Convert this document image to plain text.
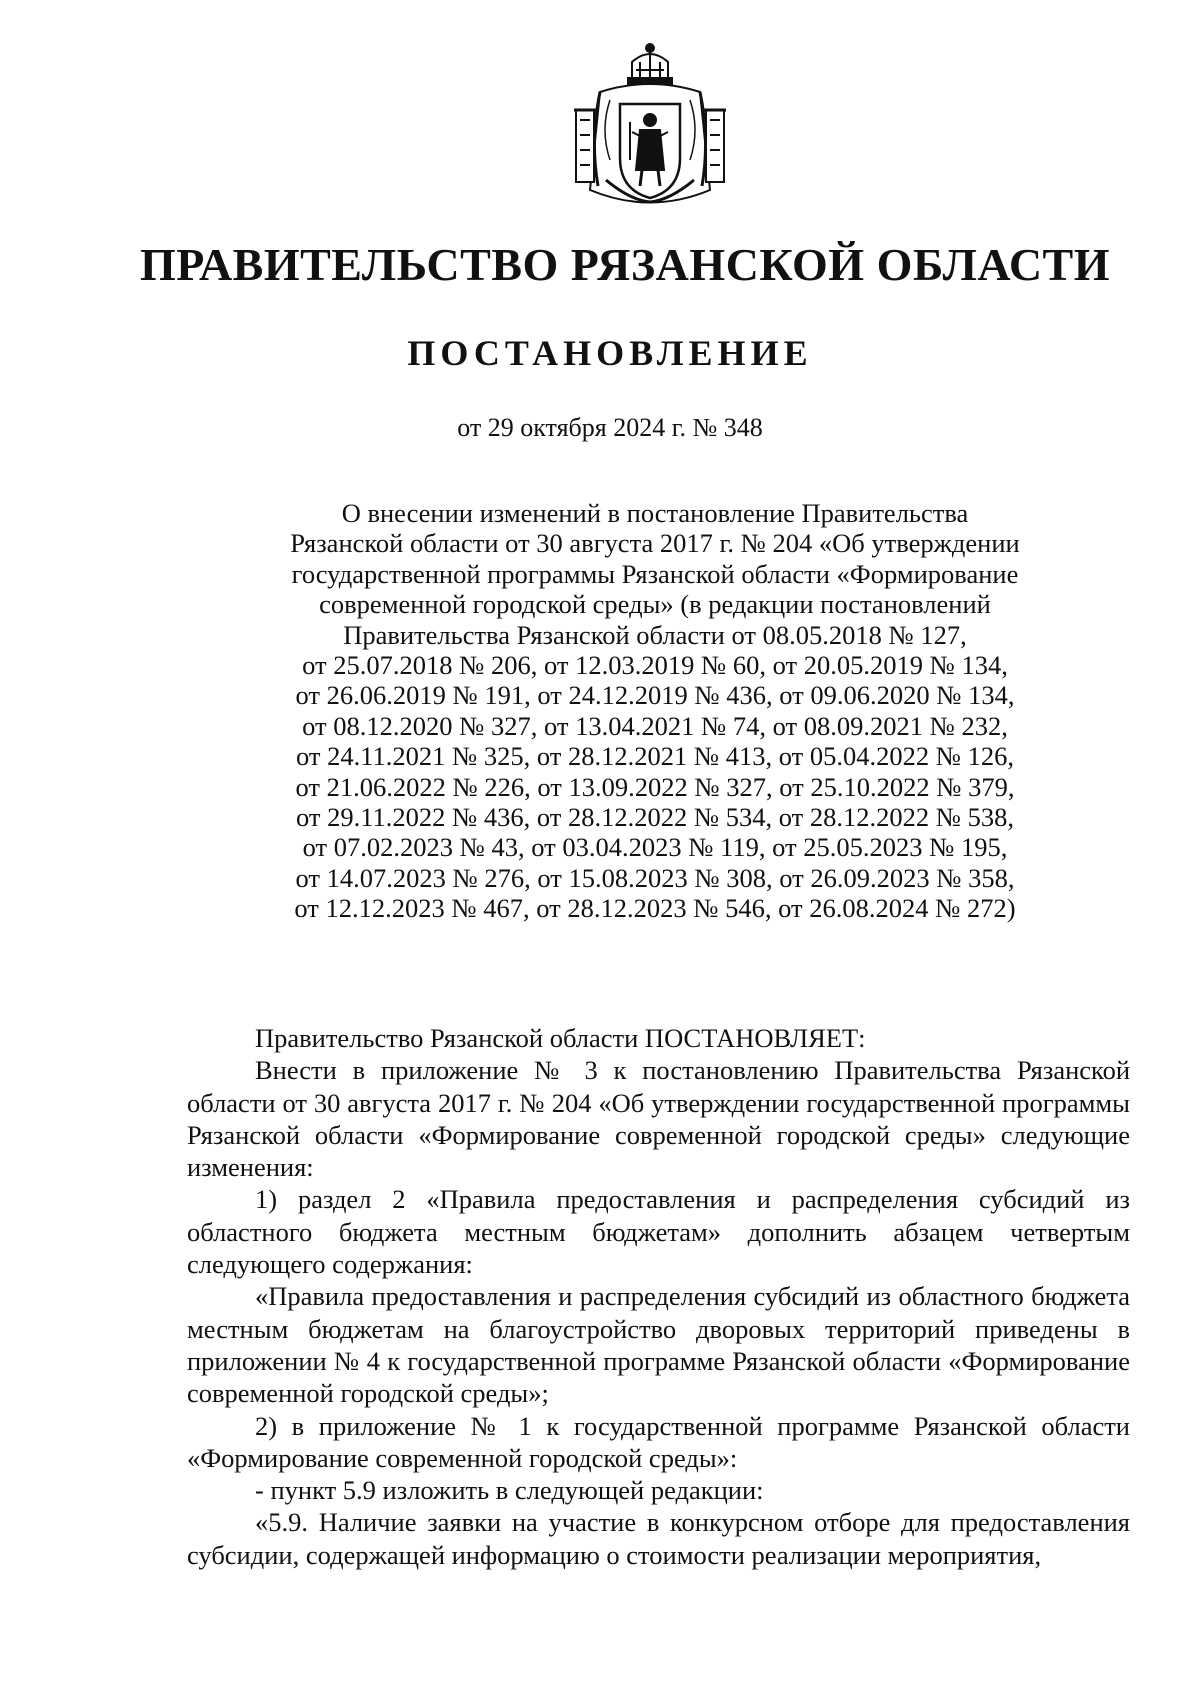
ПРАВИТЕЛЬСТВО РЯЗАНСКОЙ ОБЛАСТИ
ПОСТАНОВЛЕНИЕ
от 29 октября 2024 г. № 348
О внесении изменений в постановление Правительства
Рязанской области от 30 августа 2017 г. № 204 «Об утверждении
государственной программы Рязанской области «Формирование
современной городской среды» (в редакции постановлений
Правительства Рязанской области от 08.05.2018 № 127,
от 25.07.2018 № 206, от 12.03.2019 № 60, от 20.05.2019 № 134,
от 26.06.2019 № 191, от 24.12.2019 № 436, от 09.06.2020 № 134,
от 08.12.2020 № 327, от 13.04.2021 № 74, от 08.09.2021 № 232,
от 24.11.2021 № 325, от 28.12.2021 № 413, от 05.04.2022 № 126,
от 21.06.2022 № 226, от 13.09.2022 № 327, от 25.10.2022 № 379,
от 29.11.2022 № 436, от 28.12.2022 № 534, от 28.12.2022 № 538,
от 07.02.2023 № 43, от 03.04.2023 № 119, от 25.05.2023 № 195,
от 14.07.2023 № 276, от 15.08.2023 № 308, от 26.09.2023 № 358,
от 12.12.2023 № 467, от 28.12.2023 № 546, от 26.08.2024 № 272)

Правительство Рязанской области ПОСТАНОВЛЯЕТ:

Внести в приложение № 3 к постановлению Правительства Рязанской области от 30 августа 2017 г. № 204 «Об утверждении государственной программы Рязанской области «Формирование современной городской среды» следующие изменения:

1) раздел 2 «Правила предоставления и распределения субсидий из областного бюджета местным бюджетам» дополнить абзацем четвертым следующего содержания:

«Правила предоставления и распределения субсидий из областного бюджета местным бюджетам на благоустройство дворовых территорий приведены в приложении № 4 к государственной программе Рязанской области «Формирование современной городской среды»;

2) в приложение № 1 к государственной программе Рязанской области «Формирование современной городской среды»:

- пункт 5.9 изложить в следующей редакции:

«5.9. Наличие заявки на участие в конкурсном отборе для предоставления субсидии, содержащей информацию о стоимости реализации мероприятия,
